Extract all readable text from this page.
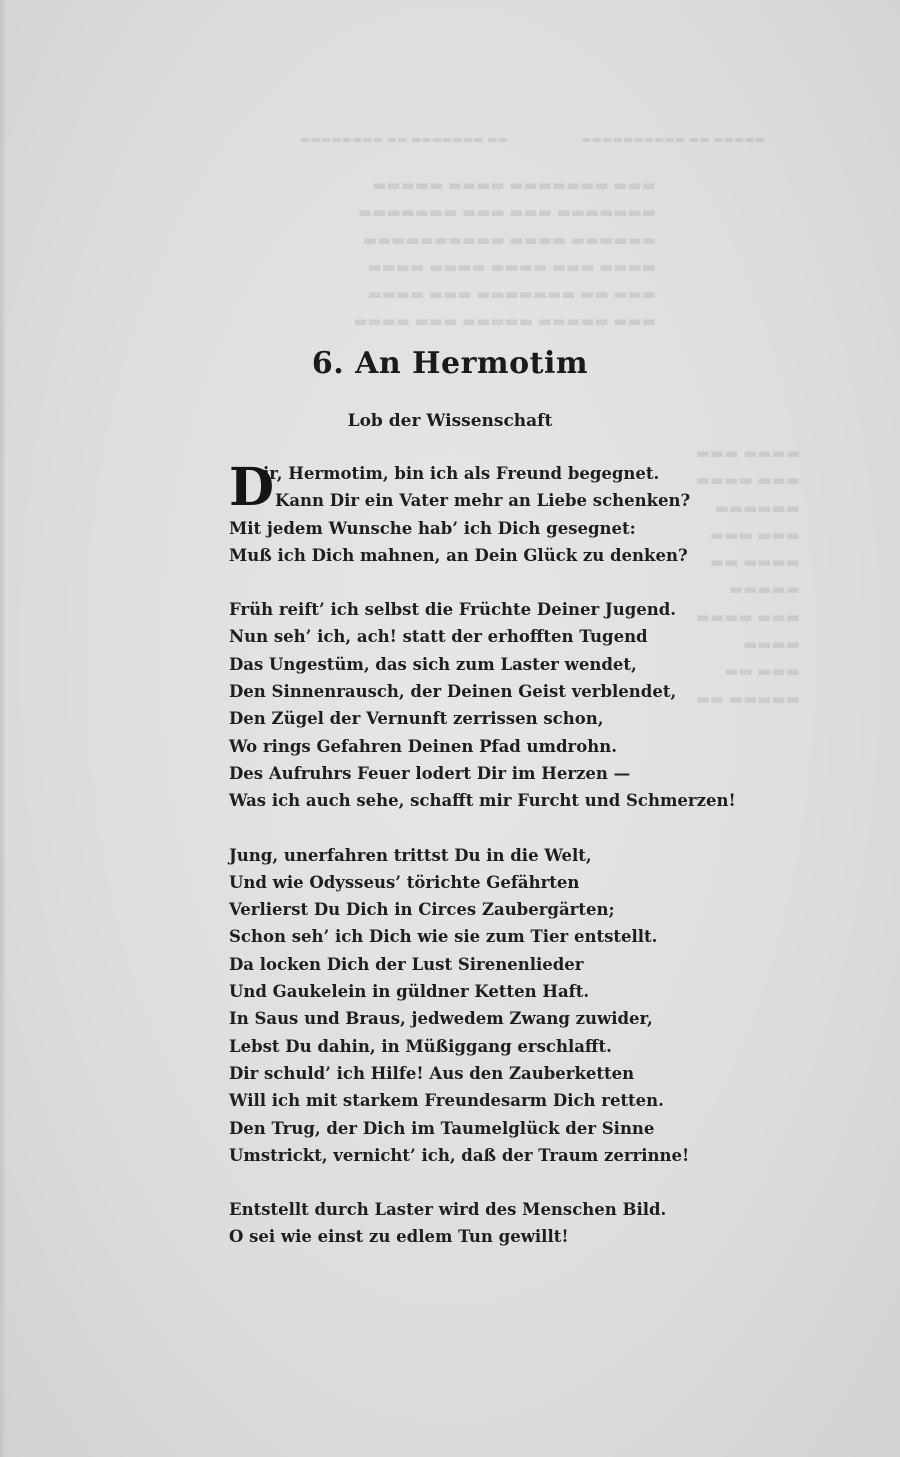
▬▬▬▬▬ ▬▬ ▬▬▬▬▬▬▬▬▬▬                     ▬▬ ▬▬▬▬▬▬▬ ▬▬ ▬▬▬▬▬▬▬▬
▬▬▬ ▬▬▬▬▬▬▬ ▬▬▬▬ ▬▬▬▬▬
▬▬▬▬▬▬▬ ▬▬▬ ▬▬▬ ▬▬▬▬▬▬▬
▬▬▬▬▬▬ ▬▬▬▬ ▬▬▬▬▬▬▬▬▬▬
▬▬▬▬ ▬▬▬ ▬▬▬▬ ▬▬▬▬ ▬▬▬▬
▬▬▬ ▬▬ ▬▬▬▬▬▬▬ ▬▬▬ ▬▬▬▬
▬▬▬ ▬▬▬▬▬ ▬▬▬▬▬ ▬▬▬ ▬▬▬▬
▬▬▬▬ ▬▬▬
▬▬▬ ▬▬▬▬
▬▬▬▬▬▬
▬▬▬ ▬▬▬
▬▬▬▬ ▬▬
▬▬▬▬▬
▬▬▬ ▬▬▬▬
▬▬▬▬
▬▬▬ ▬▬
▬▬▬▬▬ ▬▬
6. An Hermotim
Lob der Wissenschaft
D
ir, Hermotim, bin ich als Freund begegnet.
Kann Dir ein Vater mehr an Liebe schenken?
Mit jedem Wunsche hab’ ich Dich gesegnet:
Muß ich Dich mahnen, an Dein Glück zu denken?
Früh reift’ ich selbst die Früchte Deiner Jugend.
Nun seh’ ich, ach! statt der erhofften Tugend
Das Ungestüm, das sich zum Laster wendet,
Den Sinnenrausch, der Deinen Geist verblendet,
Den Zügel der Vernunft zerrissen schon,
Wo rings Gefahren Deinen Pfad umdrohn.
Des Aufruhrs Feuer lodert Dir im Herzen —
Was ich auch sehe, schafft mir Furcht und Schmerzen!
Jung, unerfahren trittst Du in die Welt,
Und wie Odysseus’ törichte Gefährten
Verlierst Du Dich in Circes Zaubergärten;
Schon seh’ ich Dich wie sie zum Tier entstellt.
Da locken Dich der Lust Sirenenlieder
Und Gaukelein in güldner Ketten Haft.
In Saus und Braus, jedwedem Zwang zuwider,
Lebst Du dahin, in Müßiggang erschlafft.
Dir schuld’ ich Hilfe! Aus den Zauberketten
Will ich mit starkem Freundesarm Dich retten.
Den Trug, der Dich im Taumelglück der Sinne
Umstrickt, vernicht’ ich, daß der Traum zerrinne!
Entstellt durch Laster wird des Menschen Bild.
O sei wie einst zu edlem Tun gewillt!
